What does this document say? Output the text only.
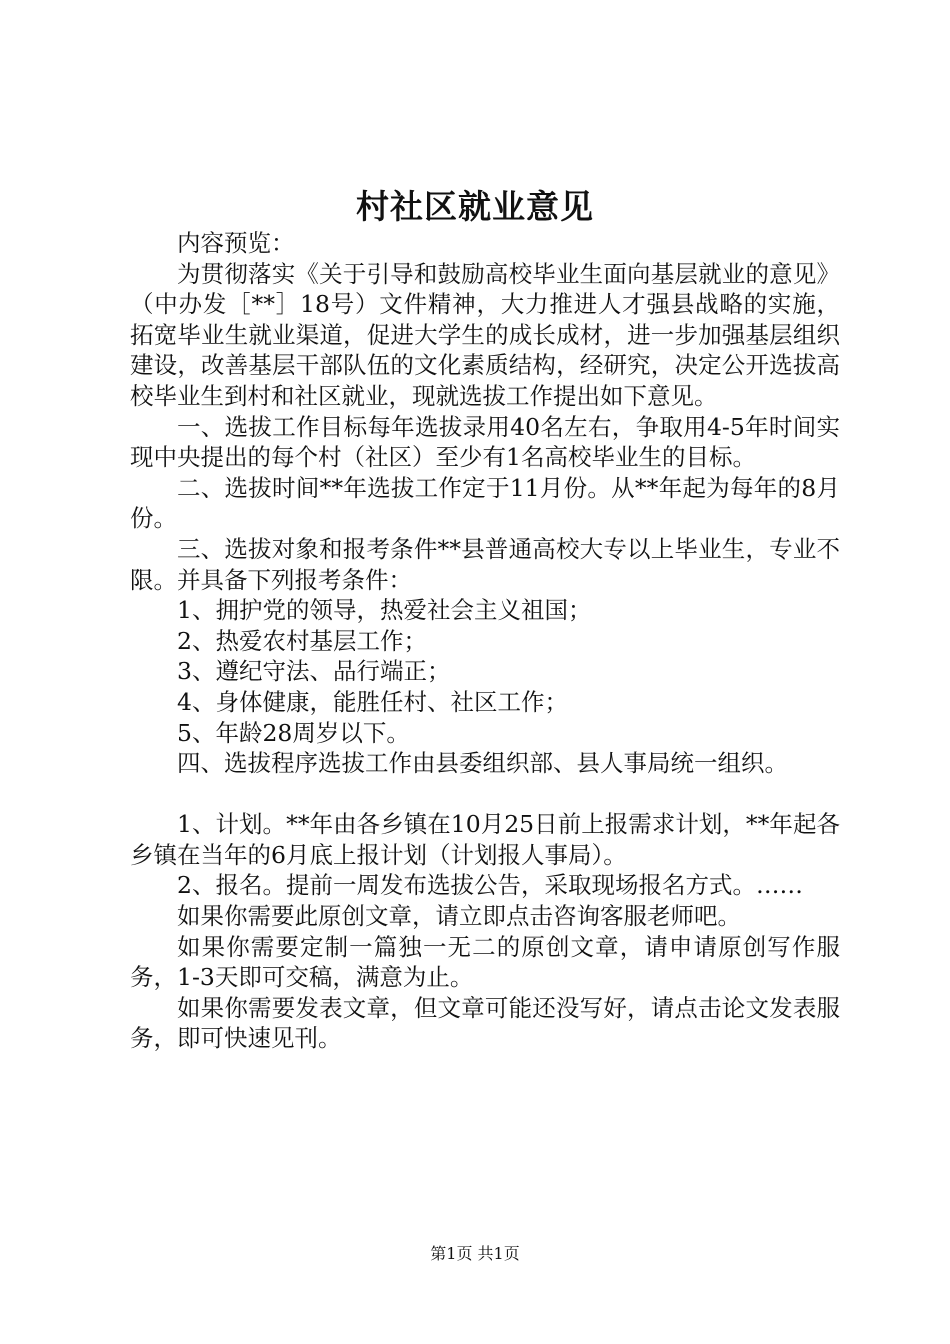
村社区就业意见

内容预览：

为贯彻落实《关于引导和鼓励高校毕业生面向基层就业的意见》（中办发［**］18号）文件精神，大力推进人才强县战略的实施，拓宽毕业生就业渠道，促进大学生的成长成材，进一步加强基层组织建设，改善基层干部队伍的文化素质结构，经研究，决定公开选拔高校毕业生到村和社区就业，现就选拔工作提出如下意见。

一、选拔工作目标每年选拔录用40名左右，争取用4-5年时间实现中央提出的每个村（社区）至少有1名高校毕业生的目标。

二、选拔时间**年选拔工作定于11月份。从**年起为每年的8月份。

三、选拔对象和报考条件**县普通高校大专以上毕业生，专业不限。并具备下列报考条件：

1、拥护党的领导，热爱社会主义祖国；

2、热爱农村基层工作；

3、遵纪守法、品行端正；

4、身体健康，能胜任村、社区工作；

5、年龄28周岁以下。

四、选拔程序选拔工作由县委组织部、县人事局统一组织。

1、计划。**年由各乡镇在10月25日前上报需求计划，**年起各乡镇在当年的6月底上报计划（计划报人事局）。

2、报名。提前一周发布选拔公告，采取现场报名方式。……

如果你需要此原创文章，请立即点击咨询客服老师吧。

如果你需要定制一篇独一无二的原创文章，请申请原创写作服务，1-3天即可交稿，满意为止。

如果你需要发表文章，但文章可能还没写好，请点击论文发表服务，即可快速见刊。

第1页 共1页
